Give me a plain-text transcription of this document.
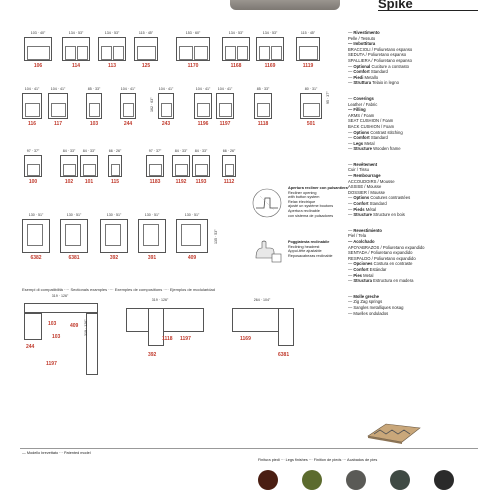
Spike
103 · 40"
106
134 · 53"
114
134 · 53"
113
115 · 45"
125
153 · 60"
1170
134 · 53"
1168
134 · 53"
1169
115 · 45"
1119
104 · 41"
116
104 · 41"
117
85 · 33"
103
104 · 41"
244
104 · 41"
243
104 · 41"
1196
104 · 41"
1197
85 · 33"
1118
80 · 31"
501
162 · 63"	95 · 37"
97 · 37"
100
84 · 33"
102
84 · 33"
101
66 · 26"
115
97 · 37"
1183
84 · 33"
1192
84 · 33"
1193
66 · 26"
1112
130 · 51"
6382
130 · 51"
6381
130 · 51"
392
130 · 51"
391
130 · 51"
409
135 · 53"
Apertura recliner con pulsantiera
Recliner opening
with button system
Relax électrique
ajusté un système boutons
Apertura reclinable
con sistema de pulsadores
Poggiatesta reclinabile
Reclining headrest
Appui-tête ajustable
Reposacabezas reclinable
Esempi di compatibilità ···· Sectionals examples ···· Exemples de compositions ···· Ejemplos de modularidad
319 · 126"
244
103
103
409
1197
319 · 126"
319 · 126"
392
1118 1197
264 · 104"
1169
6381
— Rivestimento
Pelle / Tessuto
— Imbottitura
BRACCIOLI / Poliuretano espanso
SEDUTA / Poliuretano espanso
SPALLIERA / Poliuretano espanso
— Optional Cuciture a contrasto
— Comfort Standard
— Piedi Metallo
— Struttura Telaio in legno
— Coverings
Leather / Fabric
— Filling
ARMS / Foam
SEAT CUSHION / Foam
BACK CUSHION / Foam
— Options Contrast stitching
— Comfort Standard
— Legs Metal
— Structure Wooden frame
— Revêtement
Cuir / Tissu
— Rembourrage
ACCOUDOIRS / Mousse
ASSISE / Mousse
DOSSIER / Mousse
— Options Coutures contrastées
— Confort Standard
— Pieds Métal
— Structure Structure en bois
— Revestimiento
Piel / Tela
— Acolchado
APOYABRAZOS / Poliuretano expandido
SENTADA / Poliuretano expandido
RESPALDO / Poliuretano expandido
— Opciones Costura en contraste
— Confort Estándar
— Pies Metal
— Structura Estructura en madera
— Molle greche
— Zig Zag springs
— Sangles metalliques nosag
— Muelles ondulados
— Modello brevettato ··· Patented model
Finitura piedi ··· Legs finishes ··· Finition de pieds ··· Acabados de pies
